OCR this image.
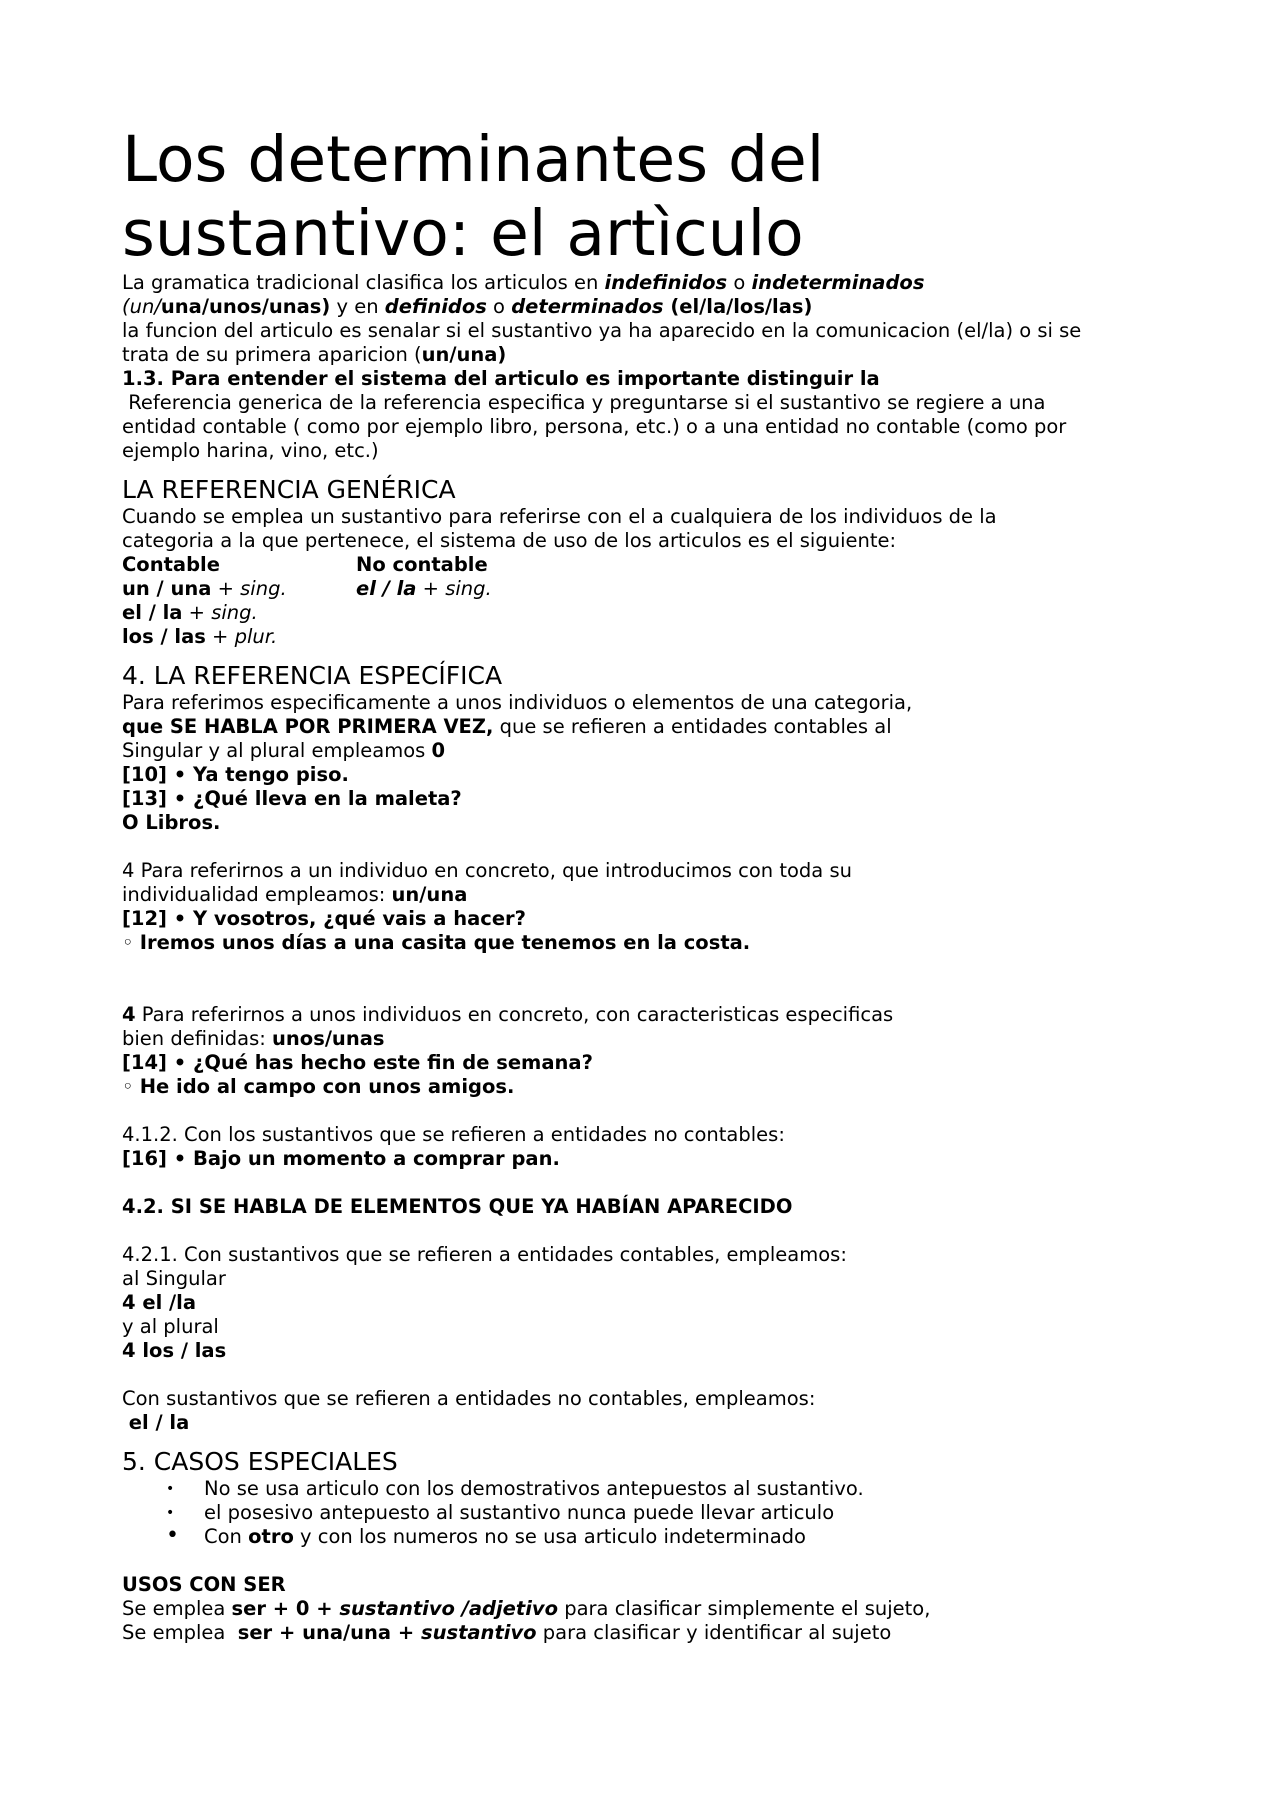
Los determinantes del
sustantivo: el artìculo

La gramatica tradicional clasifica los articulos en indefinidos o indeterminados

(un/una/unos/unas) y en definidos o determinados (el/la/los/las)

la funcion del articulo es senalar si el sustantivo ya ha aparecido en la comunicacion (el/la) o si se

trata de su primera aparicion (un/una)

1.3. Para entender el sistema del articulo es importante distinguir la

Referencia generica de la referencia especifica y preguntarse si el sustantivo se regiere a una

entidad contable ( como por ejemplo libro, persona, etc.) o a una entidad no contable (como por

ejemplo harina, vino, etc.)

LA REFERENCIA GENÉRICA

Cuando se emplea un sustantivo para referirse con el a cualquiera de los individuos de la

categoria a la que pertenece, el sistema de uso de los articulos es el siguiente:

Contable	No contable

un / una + sing.	el / la + sing.

el / la + sing.

los / las + plur.

4. LA REFERENCIA ESPECÍFICA

Para referimos especificamente a unos individuos o elementos de una categoria,

que SE HABLA POR PRIMERA VEZ, que se refieren a entidades contables al

Singular y al plural empleamos 0

[10] • Ya tengo piso.

[13] • ¿Qué lleva en la maleta?

O Libros.

4 Para referirnos a un individuo en concreto, que introducimos con toda su

individualidad empleamos: un/una

[12] • Y vosotros, ¿qué vais a hacer?

◦ Iremos unos días a una casita que tenemos en la costa.

4 Para referirnos a unos individuos en concreto, con caracteristicas especificas

bien definidas: unos/unas

[14] • ¿Qué has hecho este fin de semana?

◦ He ido al campo con unos amigos.

4.1.2. Con los sustantivos que se refieren a entidades no contables:

[16] • Bajo un momento a comprar pan.

4.2. SI SE HABLA DE ELEMENTOS QUE YA HABÍAN APARECIDO

4.2.1. Con sustantivos que se refieren a entidades contables, empleamos:

al Singular

4 el /la

y al plural

4 los / las

Con sustantivos que se refieren a entidades no contables, empleamos:

el / la

5. CASOS ESPECIALES
• No se usa articulo con los demostrativos antepuestos al sustantivo.
• el posesivo antepuesto al sustantivo nunca puede llevar articulo
• Con otro y con los numeros no se usa articulo indeterminado

USOS CON SER

Se emplea ser + 0 + sustantivo /adjetivo para clasificar simplemente el sujeto,

Se emplea  ser + una/una + sustantivo para clasificar y identificar al sujeto
